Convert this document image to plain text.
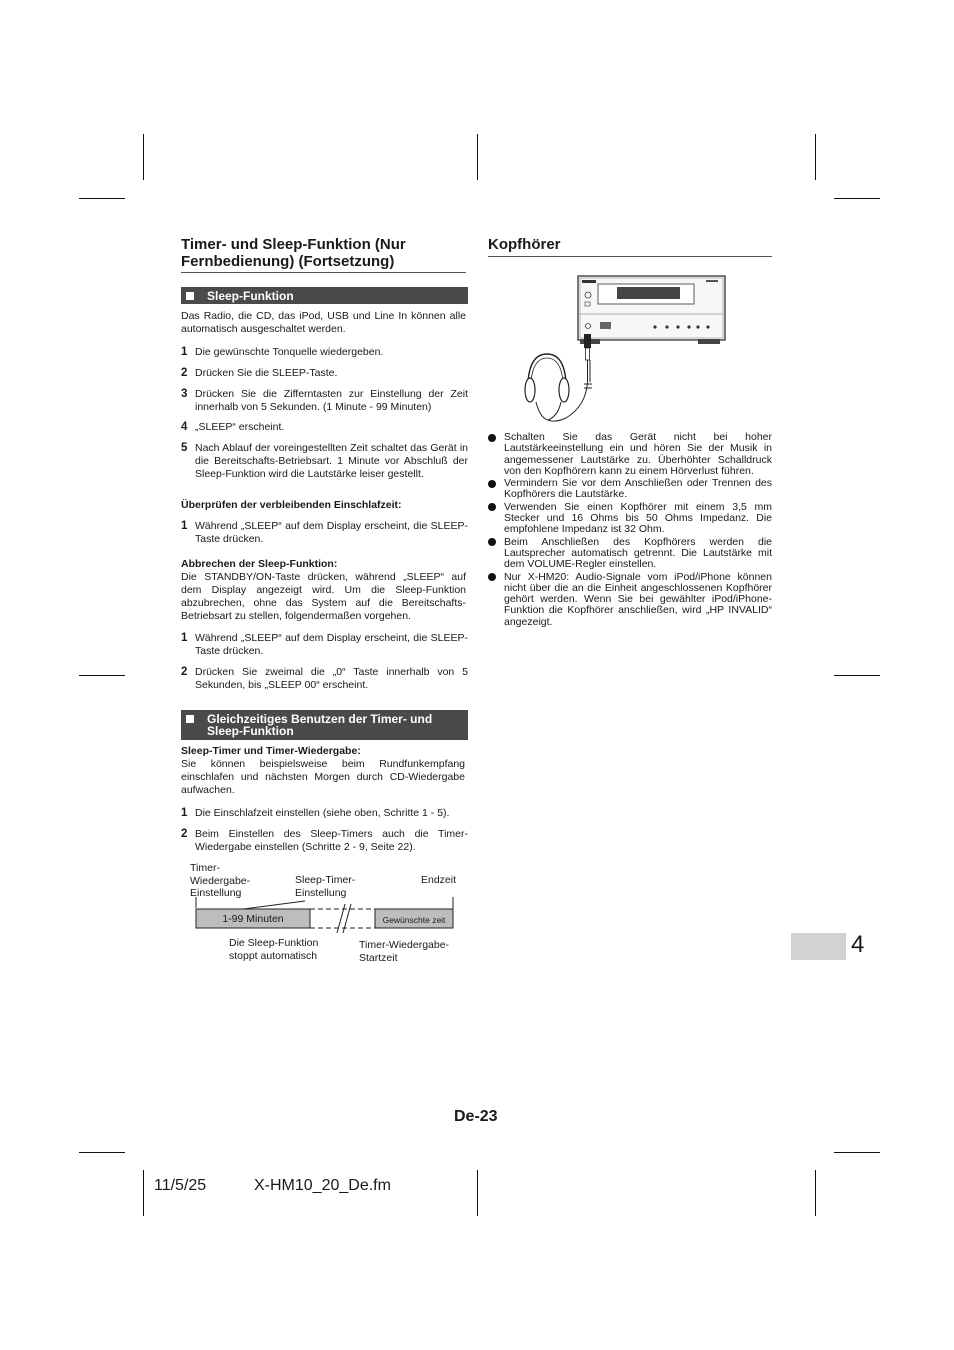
Timer- und Sleep-Funktion (Nur

Fernbedienung) (Fortsetzung)

Sleep-Funktion

Das Radio, die CD, das iPod, USB und Line In können alle automatisch ausgeschaltet werden.

1 Die gewünschte Tonquelle wiedergeben.
2 Drücken Sie die SLEEP-Taste.
3 Drücken Sie die Zifferntasten zur Einstellung der Zeit innerhalb von 5 Sekunden. (1 Minute - 99 Minuten)
4 „SLEEP“ erscheint.
5 Nach Ablauf der voreingestellten Zeit schaltet das Gerät in die Bereitschafts-Betriebsart. 1 Minute vor Abschluß der Sleep-Funktion wird die Lautstärke leiser gestellt.

Überprüfen der verbleibenden Einschlafzeit:

1 Während „SLEEP“ auf dem Display erscheint, die SLEEP-Taste drücken.

Abbrechen der Sleep-Funktion:

Die STANDBY/ON-Taste drücken, während „SLEEP“ auf dem Display angezeigt wird. Um die Sleep-Funktion abzubrechen, ohne das System auf die Bereitschafts-Betriebsart zu stellen, folgendermaßen vorgehen.

1 Während „SLEEP“ auf dem Display erscheint, die SLEEP-Taste drücken.
2 Drücken Sie zweimal die „0“ Taste innerhalb von 5 Sekunden, bis „SLEEP 00“ erscheint.
Gleichzeitiges Benutzen der Timer- und
Sleep-Funktion

Sleep-Timer und Timer-Wiedergabe:

Sie können beispielsweise beim Rundfunkempfang einschlafen und nächsten Morgen durch CD-Wiedergabe aufwachen.

1 Die Einschlafzeit einstellen (siehe oben, Schritte 1 - 5).
2 Beim Einstellen des Sleep-Timers auch die Timer-Wiedergabe einstellen (Schritte 2 - 9, Seite 22).
Timer-
Wiedergabe-
Einstellung
Sleep-Timer-
Einstellung
Endzeit
1-99 Minuten	Gewünschte zeit
Die Sleep-Funktion
stoppt automatisch
Timer-Wiedergabe-
Startzeit

Kopfhörer

Schalten Sie das Gerät nicht bei hoher Lautstärkeeinstellung ein und hören Sie der Musik in angemessener Lautstärke zu. Überhöhter Schalldruck von den Kopfhörern kann zu einem Hörverlust führen.
Vermindern Sie vor dem Anschließen oder Trennen des Kopfhörers die Lautstärke.
Verwenden Sie einen Kopfhörer mit einem 3,5 mm Stecker und 16 Ohms bis 50 Ohms Impedanz. Die empfohlene Impedanz ist 32 Ohm.
Beim Anschließen des Kopfhörers werden die Lautsprecher automatisch getrennt. Die Lautstärke mit dem VOLUME-Regler einstellen.
Nur X-HM20: Audio-Signale vom iPod/iPhone können nicht über die an die Einheit angeschlossenen Kopfhörer gehört werden. Wenn Sie bei gewählter iPod/iPhone-Funktion die Kopfhörer anschließen, wird „HP INVALID“ angezeigt.
4
De-23
11/5/25	X-HM10_20_De.fm
